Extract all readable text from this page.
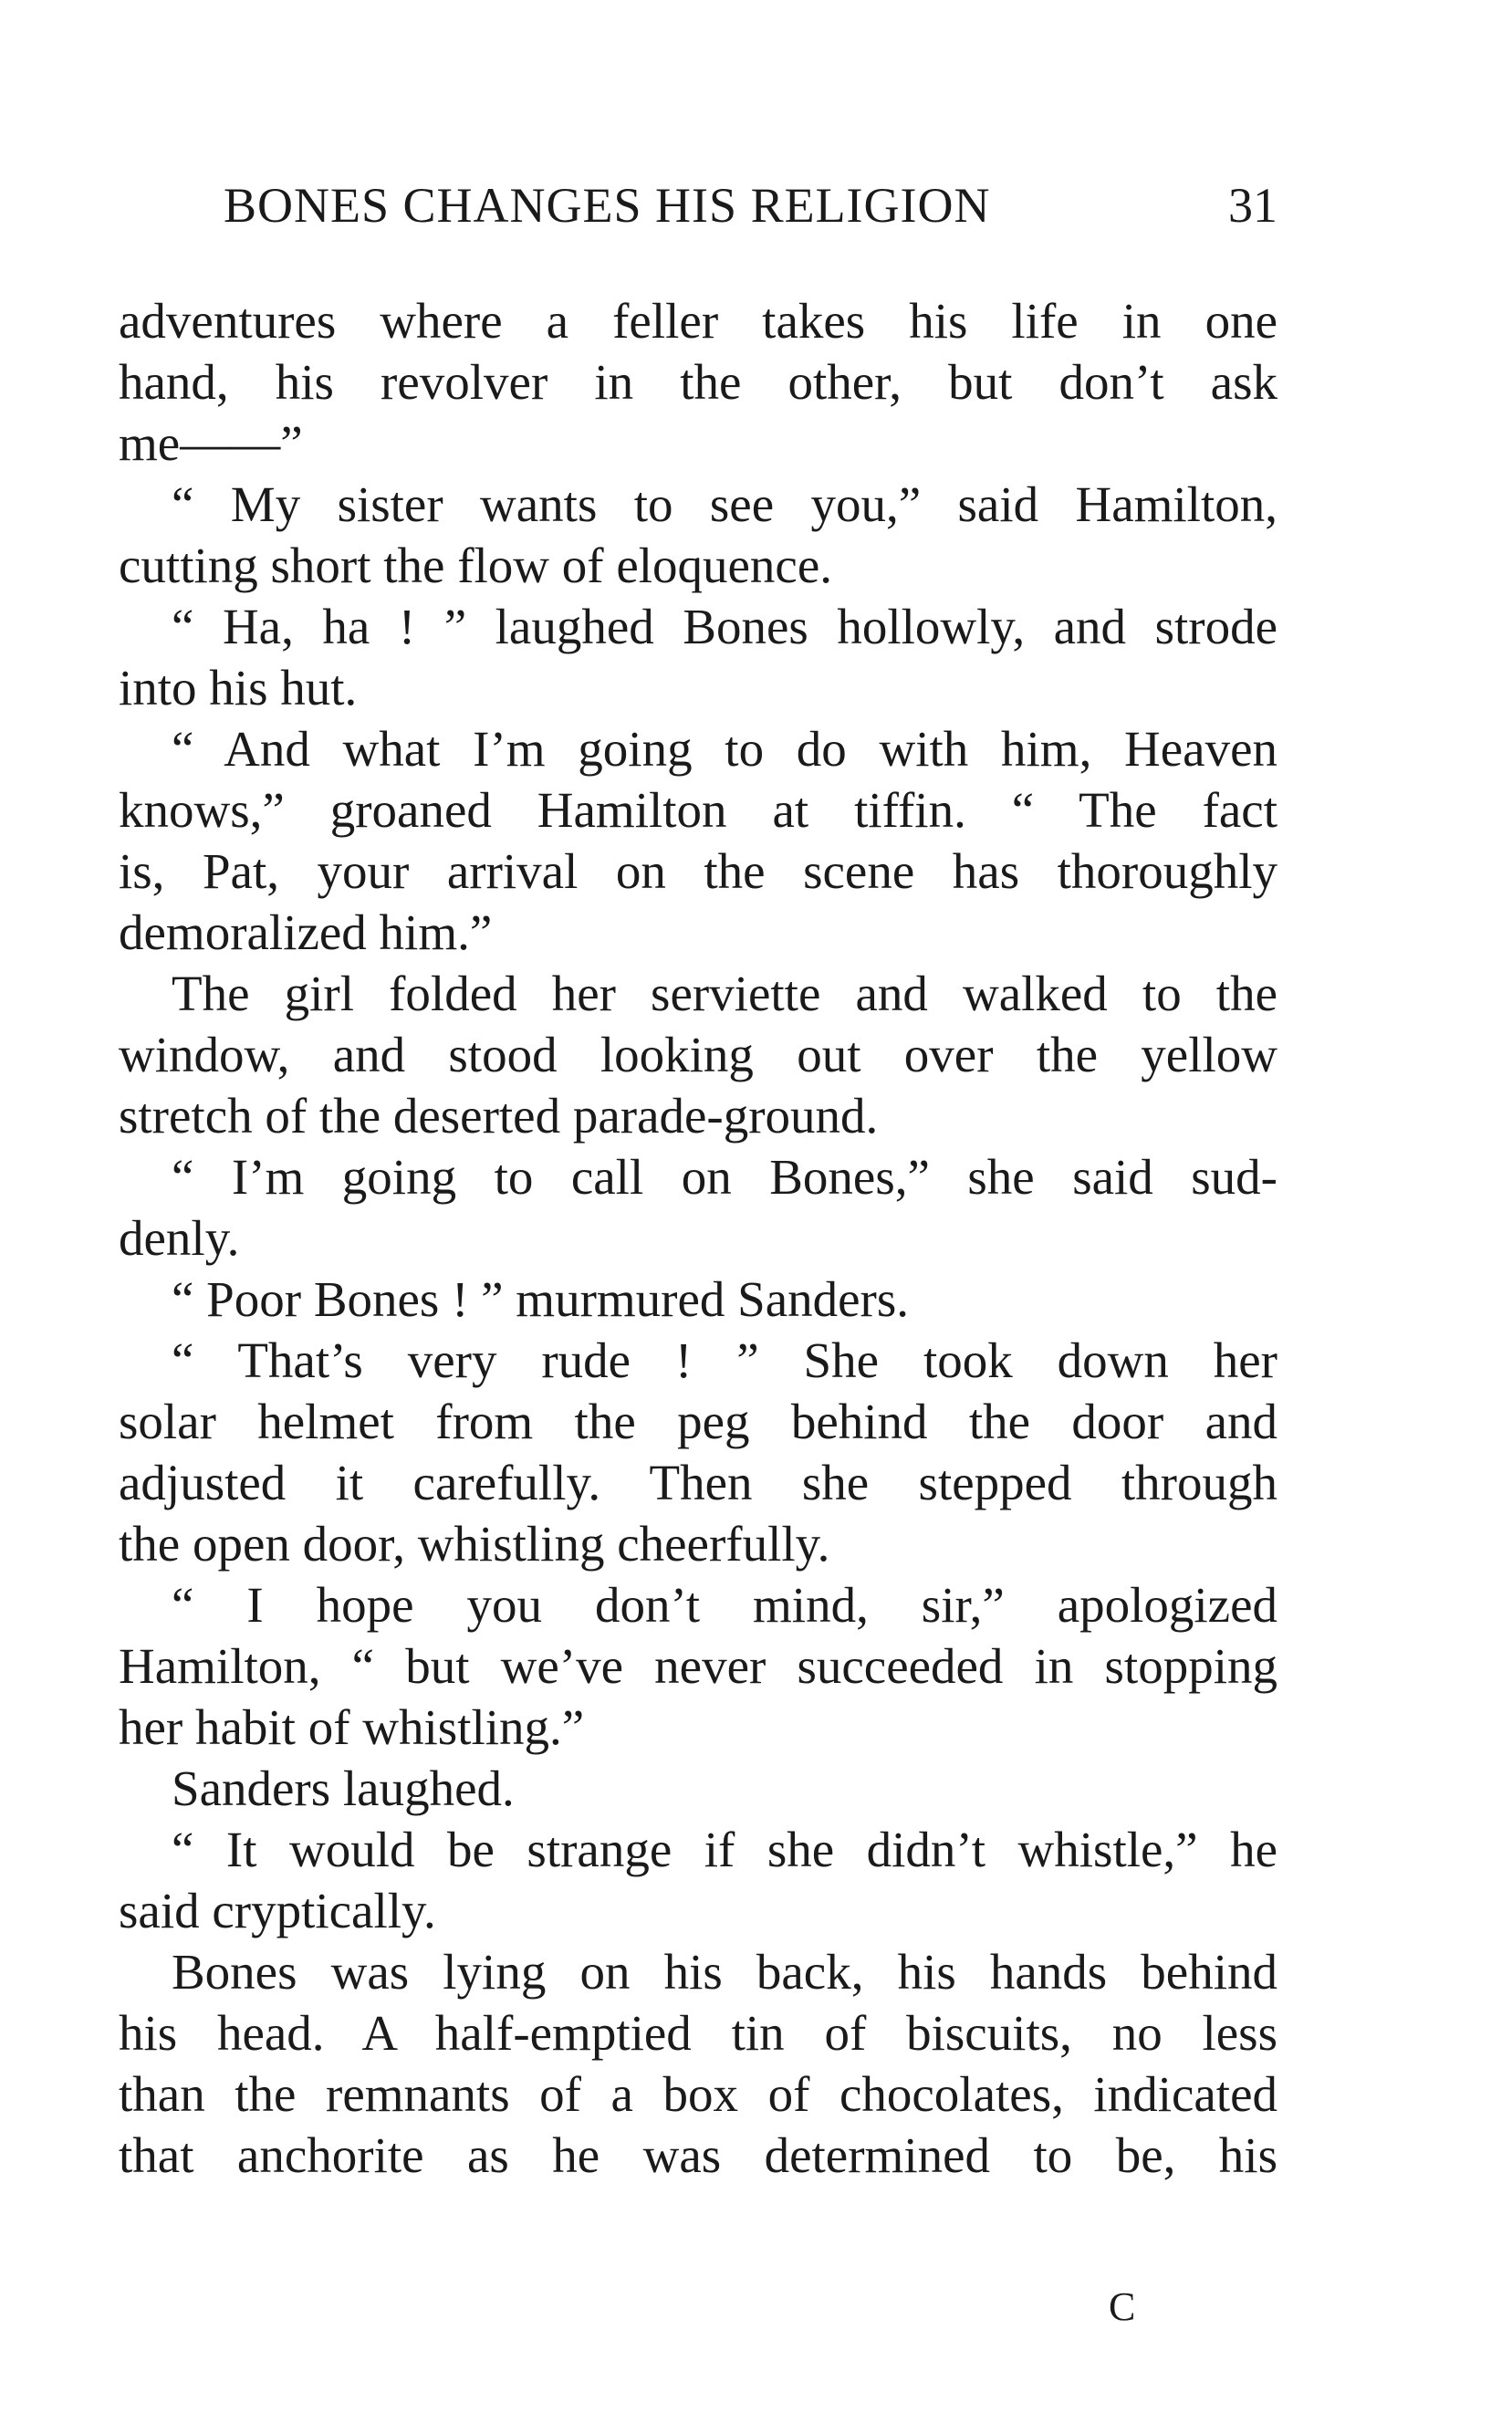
BONES CHANGES HIS RELIGION	31
adventures where a feller takes his life in one
hand, his revolver in the other, but don’t ask
me——”
“ My sister wants to see you,” said Hamilton,
cutting short the flow of eloquence.
“ Ha, ha ! ” laughed Bones hollowly, and strode
into his hut.
“ And what I’m going to do with him, Heaven
knows,” groaned Hamilton at tiffin. “ The fact
is, Pat, your arrival on the scene has thoroughly
demoralized him.”
The girl folded her serviette and walked to the
window, and stood looking out over the yellow
stretch of the deserted parade-ground.
“ I’m going to call on Bones,” she said sud-
denly.
“ Poor Bones ! ” murmured Sanders.
“ That’s very rude ! ” She took down her
solar helmet from the peg behind the door and
adjusted it carefully. Then she stepped through
the open door, whistling cheerfully.
“ I hope you don’t mind, sir,” apologized
Hamilton, “ but we’ve never succeeded in stopping
her habit of whistling.”
Sanders laughed.
“ It would be strange if she didn’t whistle,” he
said cryptically.
Bones was lying on his back, his hands behind
his head. A half-emptied tin of biscuits, no less
than the remnants of a box of chocolates, indicated
that anchorite as he was determined to be, his
C
